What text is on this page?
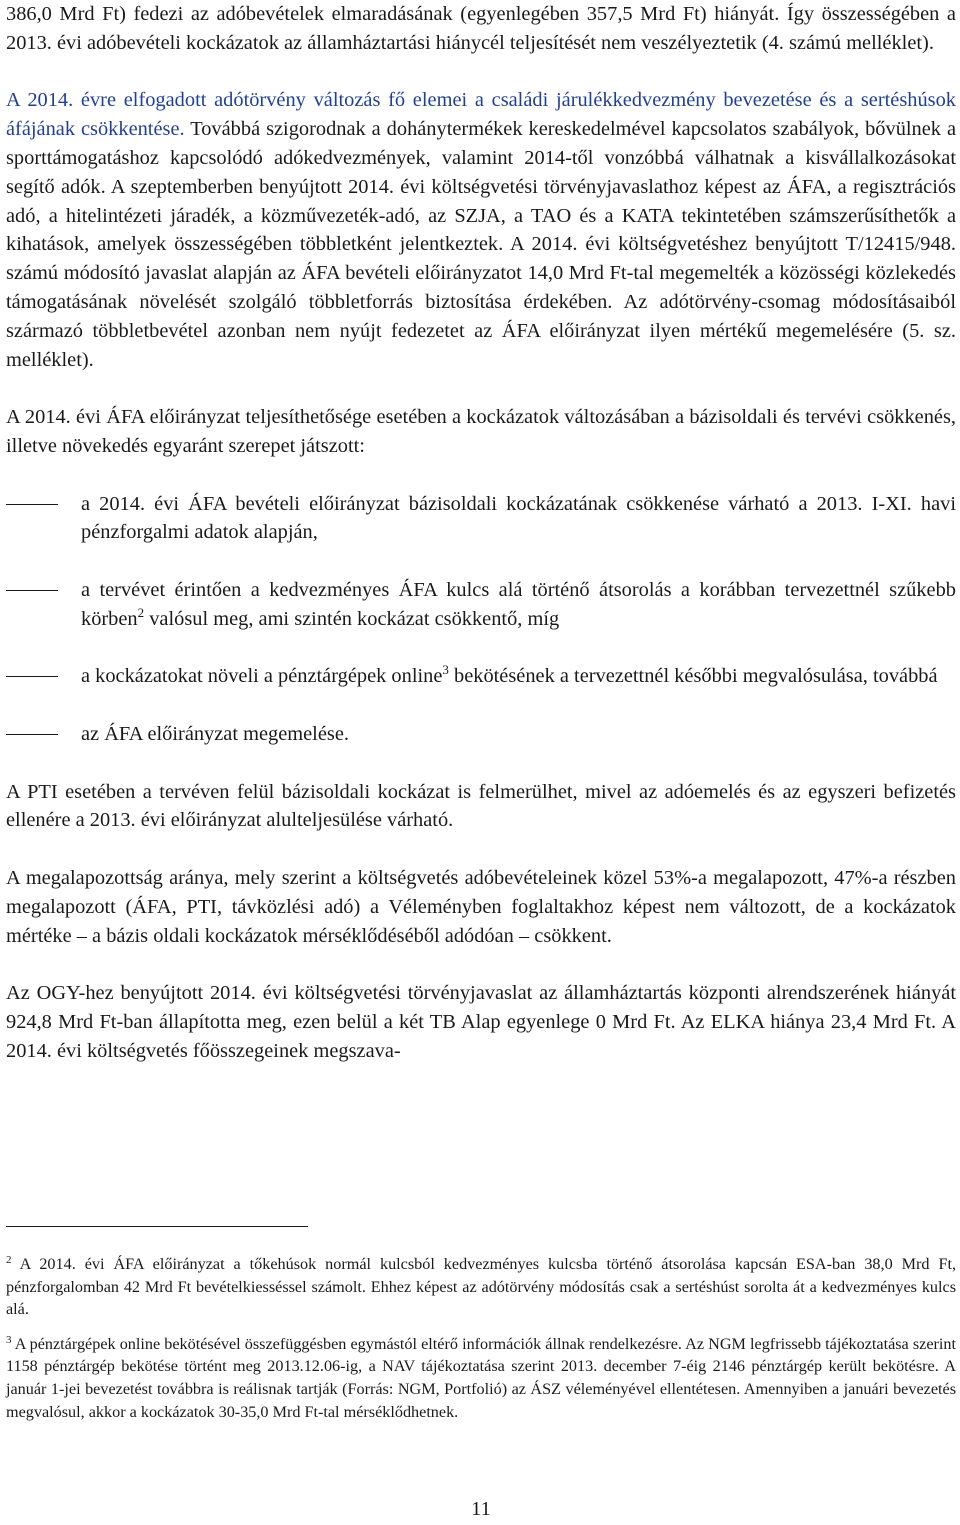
386,0 Mrd Ft) fedezi az adóbevételek elmaradásának (egyenlegében 357,5 Mrd Ft) hiányát. Így összességében a 2013. évi adóbevételi kockázatok az államháztartási hiánycél teljesítését nem veszélyeztetik (4. számú melléklet).

A 2014. évre elfogadott adótörvény változás fő elemei a családi járulékkedvezmény bevezetése és a sertéshúsok áfájának csökkentése. Továbbá szigorodnak a dohánytermékek kereskedelmével kapcsolatos szabályok, bővülnek a sporttámogatáshoz kapcsolódó adókedvezmények, valamint 2014-től vonzóbbá válhatnak a kisvállalkozásokat segítő adók. A szeptemberben benyújtott 2014. évi költségvetési törvényjavaslathoz képest az ÁFA, a regisztrációs adó, a hitelintézeti járadék, a közművezeték-adó, az SZJA, a TAO és a KATA tekintetében számszerűsíthetők a kihatások, amelyek összességében többletként jelentkeztek. A 2014. évi költségvetéshez benyújtott T/12415/948. számú módosító javaslat alapján az ÁFA bevételi előirányzatot 14,0 Mrd Ft-tal megemelték a közösségi közlekedés támogatásának növelését szolgáló többletforrás biztosítása érdekében. Az adótörvény-csomag módosításaiból származó többletbevétel azonban nem nyújt fedezetet az ÁFA előirányzat ilyen mértékű megemelésére (5. sz. melléklet).

A 2014. évi ÁFA előirányzat teljesíthetősége esetében a kockázatok változásában a bázisoldali és tervévi csökkenés, illetve növekedés egyaránt szerepet játszott:

a 2014. évi ÁFA bevételi előirányzat bázisoldali kockázatának csökkenése várható a 2013. I-XI. havi pénzforgalmi adatok alapján,

a tervévet érintően a kedvezményes ÁFA kulcs alá történő átsorolás a korábban tervezettnél szűkebb körben$^2$ valósul meg, ami szintén kockázat csökkentő, míg

a kockázatokat növeli a pénztárgépek online$^3$ bekötésének a tervezettnél későbbi megvalósulása, továbbá

az ÁFA előirányzat megemelése.

A PTI esetében a tervéven felül bázisoldali kockázat is felmerülhet, mivel az adóemelés és az egyszeri befizetés ellenére a 2013. évi előirányzat alulteljesülése várható.

A megalapozottság aránya, mely szerint a költségvetés adóbevételeinek közel 53%-a megalapozott, 47%-a részben megalapozott (ÁFA, PTI, távközlési adó) a Véleményben foglaltakhoz képest nem változott, de a kockázatok mértéke – a bázis oldali kockázatok mérséklődéséből adódóan – csökkent.

Az OGY-hez benyújtott 2014. évi költségvetési törvényjavaslat az államháztartás központi alrendszerének hiányát 924,8 Mrd Ft-ban állapította meg, ezen belül a két TB Alap egyenlege 0 Mrd Ft. Az ELKA hiánya 23,4 Mrd Ft. A 2014. évi költségvetés főösszegeinek megszava-

$^2$ A 2014. évi ÁFA előirányzat a tőkehúsok normál kulcsból kedvezményes kulcsba történő átsorolása kapcsán ESA-ban 38,0 Mrd Ft, pénzforgalomban 42 Mrd Ft bevételkiesséssel számolt. Ehhez képest az adótörvény módosítás csak a sertéshúst sorolta át a kedvezményes kulcs alá.

$^3$ A pénztárgépek online bekötésével összefüggésben egymástól eltérő információk állnak rendelkezésre. Az NGM legfrissebb tájékoztatása szerint 1158 pénztárgép bekötése történt meg 2013.12.06-ig, a NAV tájékoztatása szerint 2013. december 7-éig 2146 pénztárgép került bekötésre. A január 1-jei bevezetést továbbra is reálisnak tartják (Forrás: NGM, Portfolió) az ÁSZ véleményével ellentétesen. Amennyiben a januári bevezetés megvalósul, akkor a kockázatok 30-35,0 Mrd Ft-tal mérséklődhetnek.

11
